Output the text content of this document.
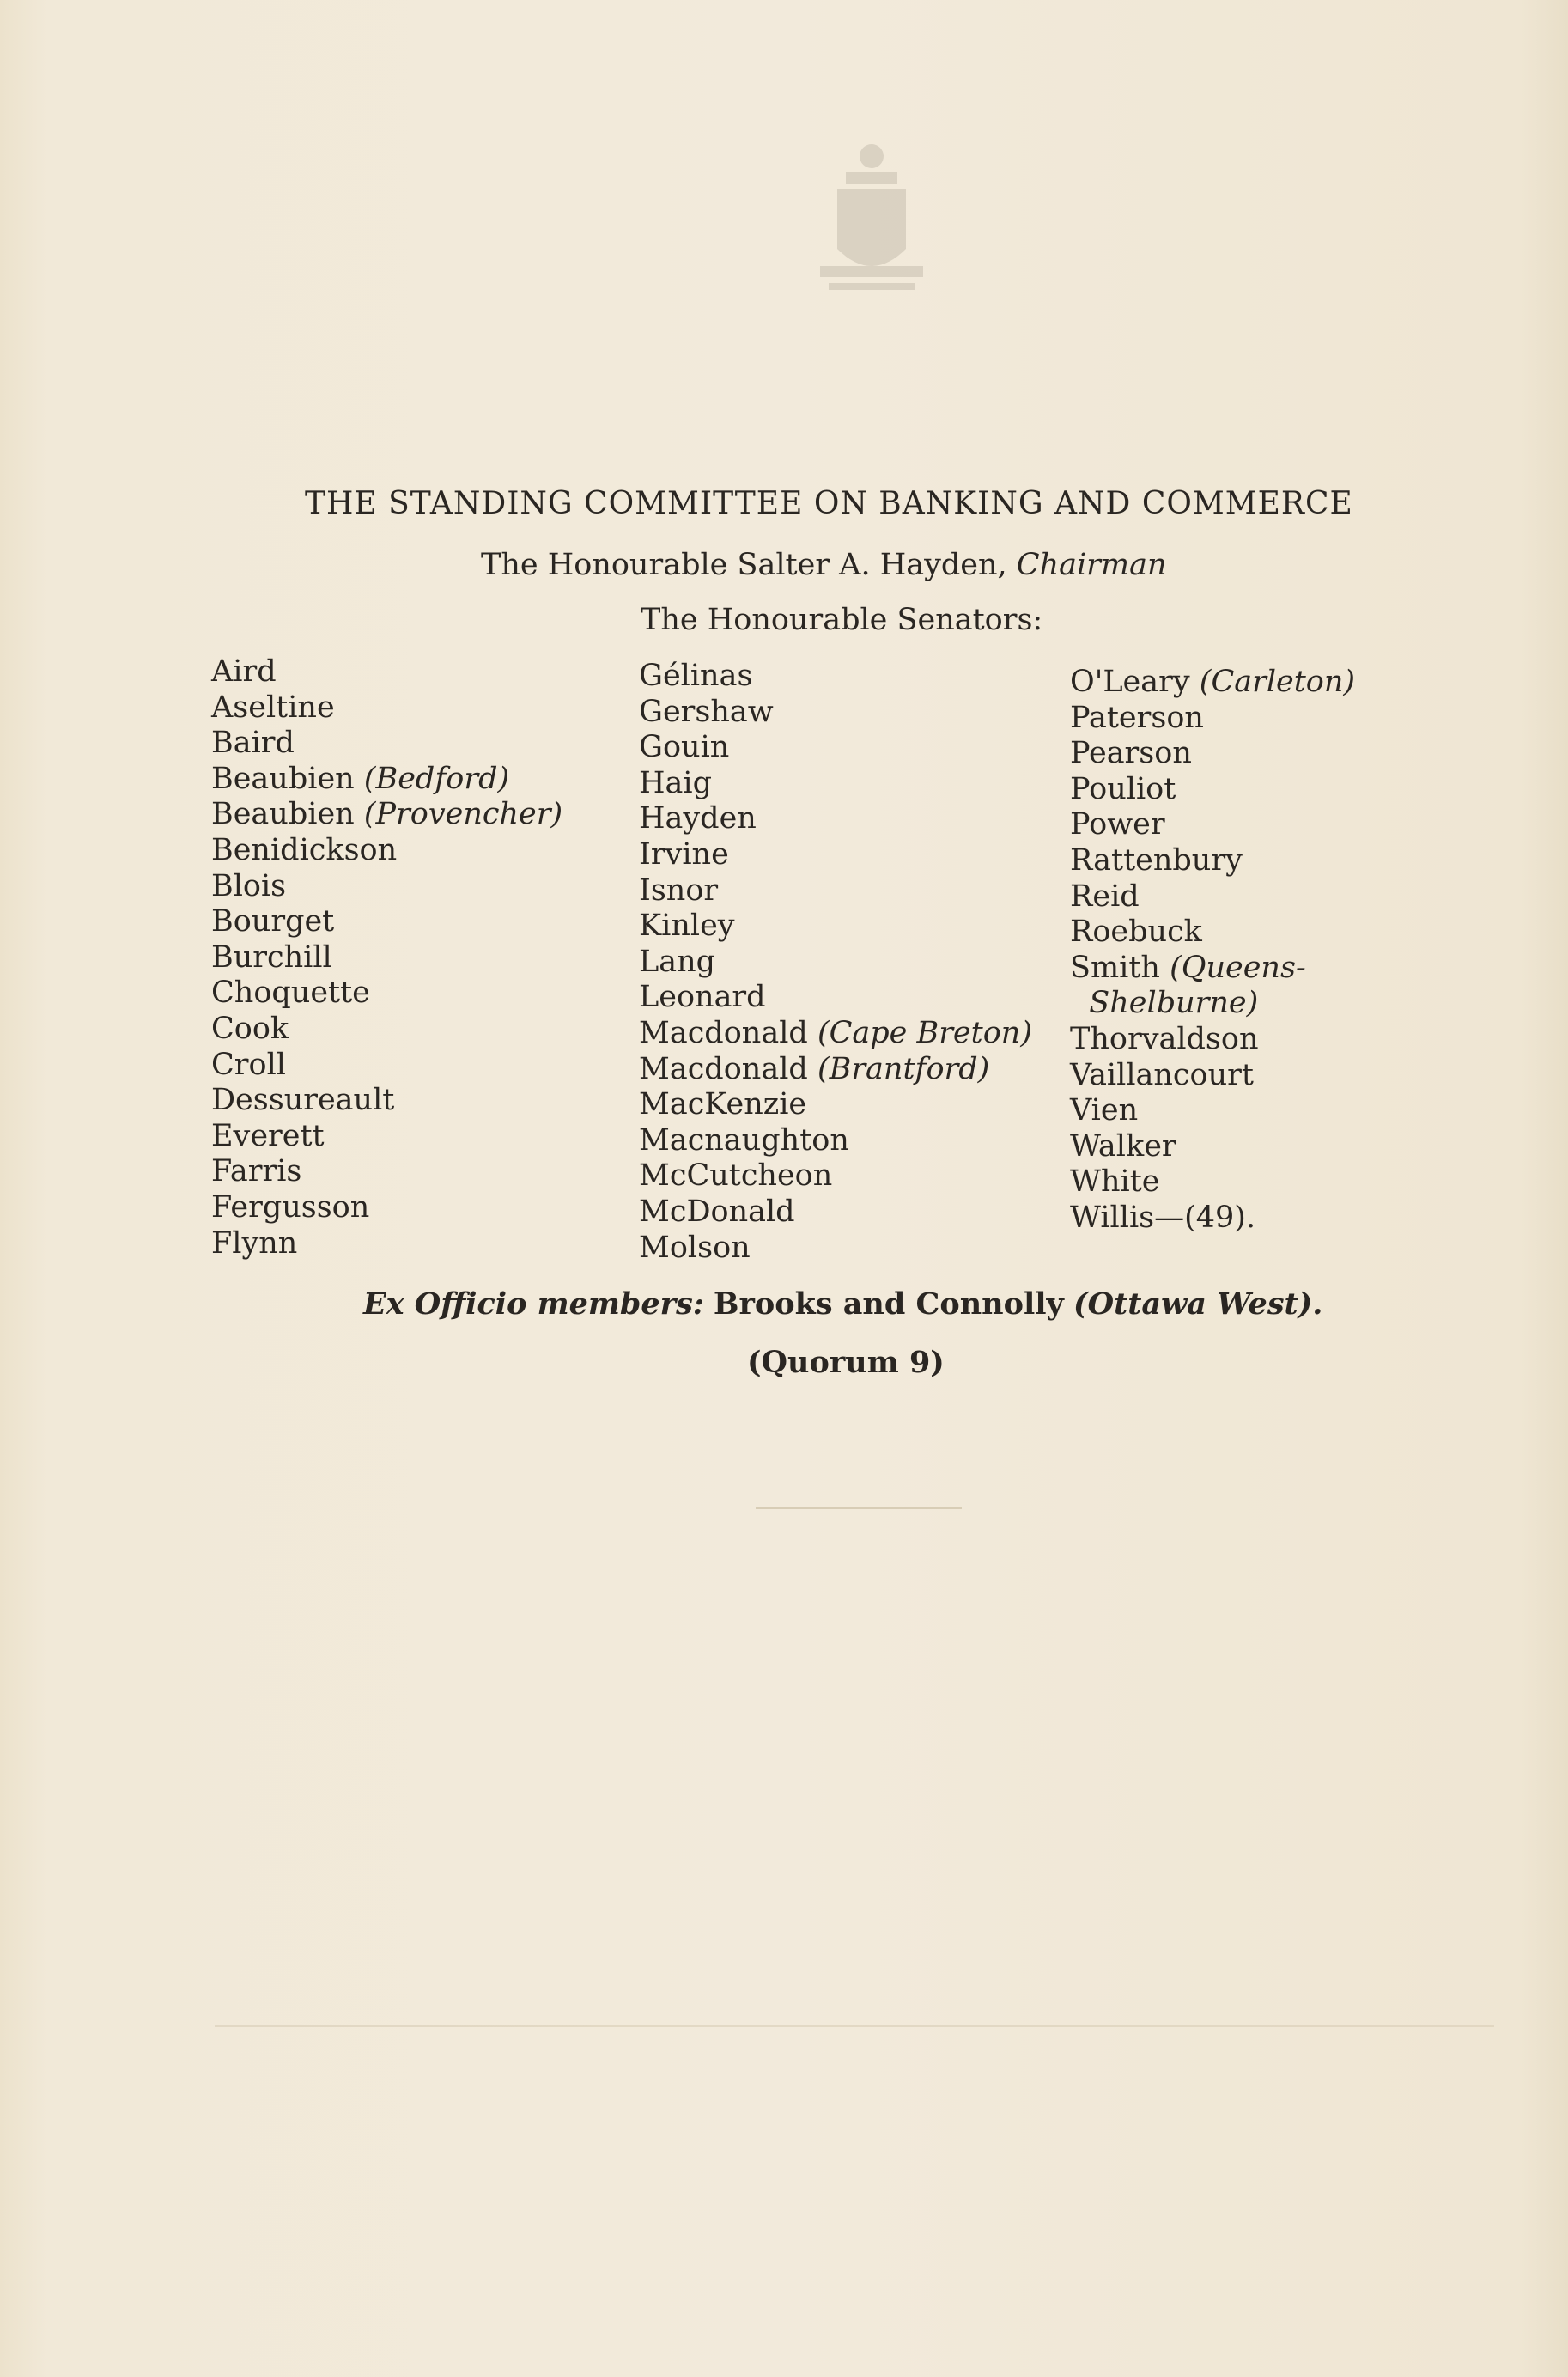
THE STANDING COMMITTEE ON BANKING AND COMMERCE
The Honourable Salter A. Hayden, Chairman
The Honourable Senators:
Aird
Aseltine
Baird
Beaubien (Bedford)
Beaubien (Provencher)
Benidickson
Blois
Bourget
Burchill
Choquette
Cook
Croll
Dessureault
Everett
Farris
Fergusson
Flynn
Gélinas
Gershaw
Gouin
Haig
Hayden
Irvine
Isnor
Kinley
Lang
Leonard
Macdonald (Cape Breton)
Macdonald (Brantford)
MacKenzie
Macnaughton
McCutcheon
McDonald
Molson
O'Leary (Carleton)
Paterson
Pearson
Pouliot
Power
Rattenbury
Reid
Roebuck
Smith (Queens-
Shelburne)
Thorvaldson
Vaillancourt
Vien
Walker
White
Willis—(49).
Ex Officio members: Brooks and Connolly (Ottawa West).
(Quorum 9)
